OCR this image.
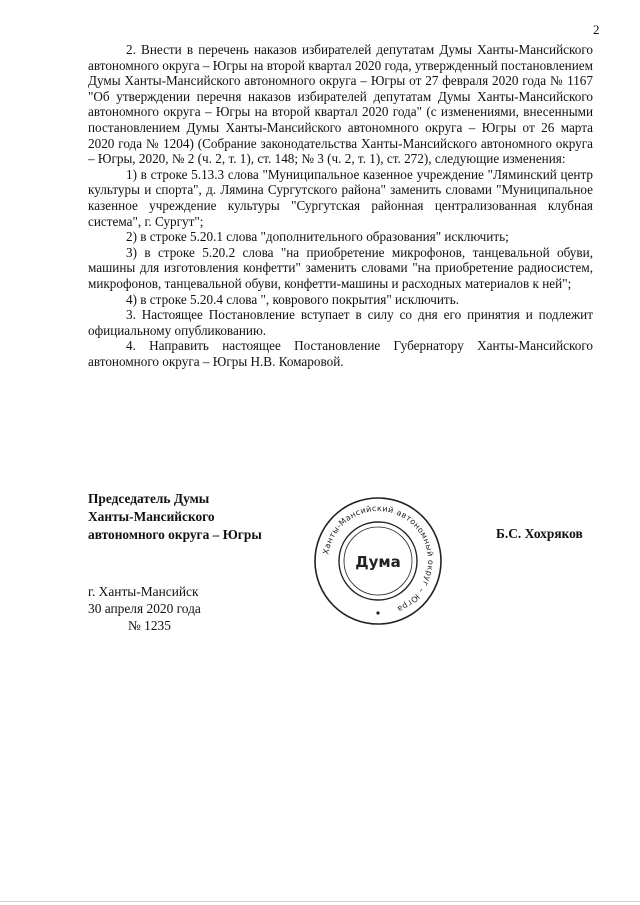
2

2. Внести в перечень наказов избирателей депутатам Думы Ханты-Мансийского автономного округа – Югры на второй квартал 2020 года, утвержденный постановлением Думы Ханты-Мансийского автономного округа – Югры от 27 февраля 2020 года № 1167 "Об утверждении перечня наказов избирателей депутатам Думы Ханты-Мансийского автономного округа – Югры на второй квартал 2020 года" (с изменениями, внесенными постановлением Думы Ханты-Мансийского автономного округа – Югры от 26 марта 2020 года № 1204) (Собрание законодательства Ханты-Мансийского автономного округа – Югры, 2020, № 2 (ч. 2, т. 1), ст. 148; № 3 (ч. 2, т. 1), ст. 272), следующие изменения:

1) в строке 5.13.3 слова "Муниципальное казенное учреждение "Ляминский центр культуры и спорта", д. Лямина Сургутского района" заменить словами "Муниципальное казенное учреждение культуры "Сургутская районная централизованная клубная система", г. Сургут";

2) в строке 5.20.1 слова "дополнительного образования" исключить;

3) в строке 5.20.2 слова "на приобретение микрофонов, танцевальной обуви, машины для изготовления конфетти" заменить словами "на приобретение радиосистем, микрофонов, танцевальной обуви, конфетти-машины и расходных материалов к ней";

4) в строке 5.20.4 слова ", коврового покрытия" исключить.

3. Настоящее Постановление вступает в силу со дня его принятия и подлежит официальному опубликованию.

4. Направить настоящее Постановление Губернатору Ханты-Мансийского автономного округа – Югры Н.В. Комаровой.

Председатель Думы
Ханты-Мансийского
автономного округа – Югры	Б.С. Хохряков
г. Ханты-Мансийск
30 апреля 2020 года
№ 1235
Ханты-Мансийский автономный округ – Югра
Дума
